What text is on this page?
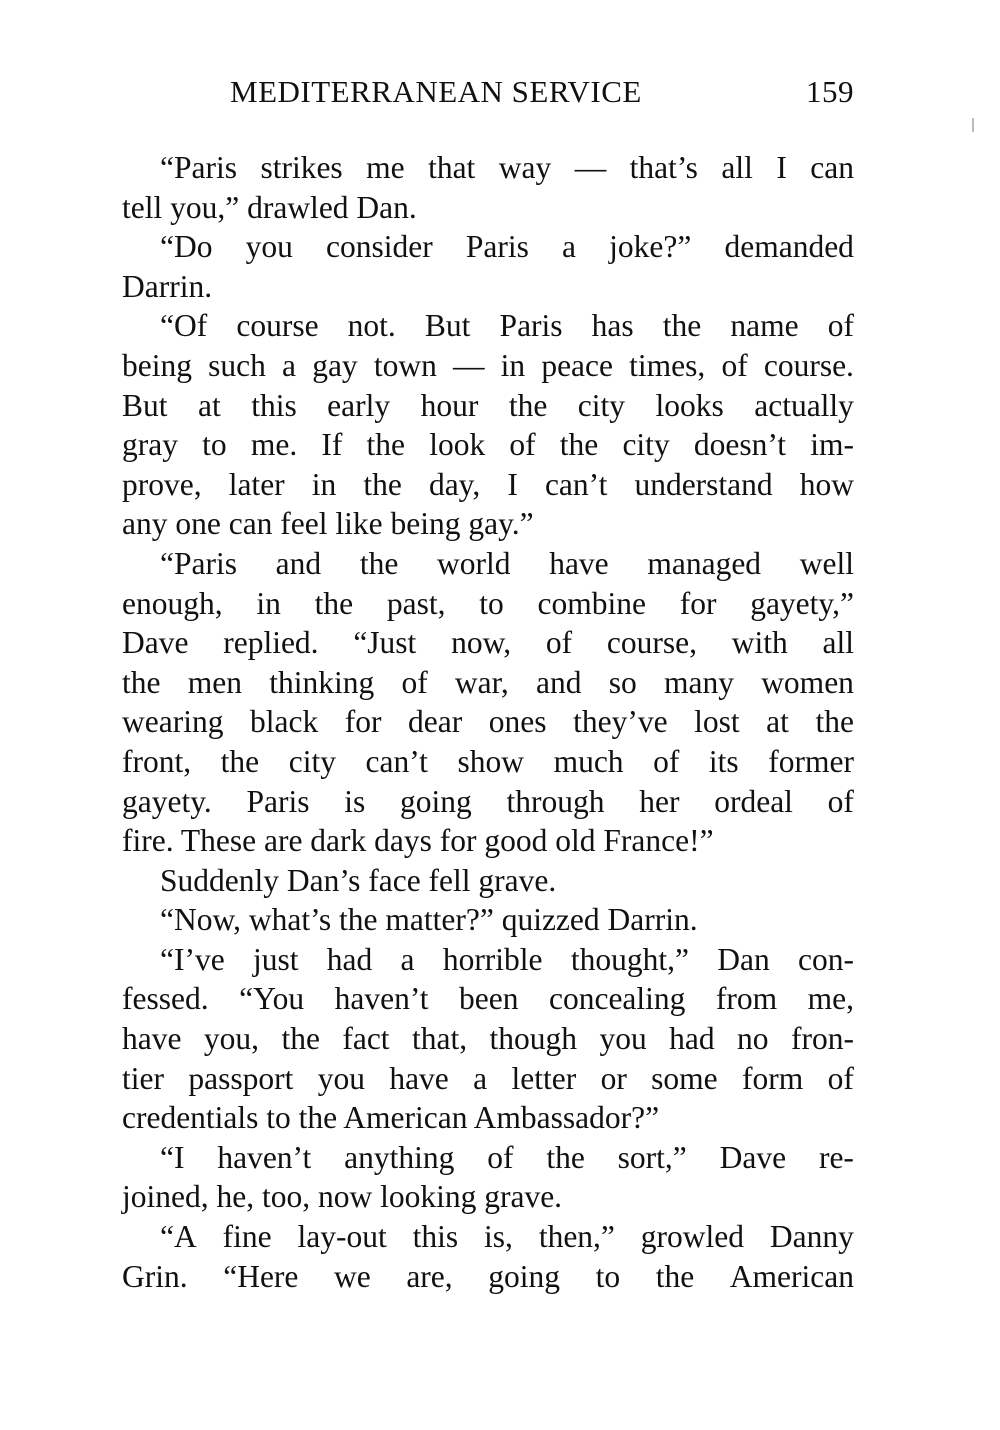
MEDITERRANEAN SERVICE	159
“Paris strikes me that way — that’s all I can
tell you,” drawled Dan.
“Do you consider Paris a joke?” demanded
Darrin.
“Of course not. But Paris has the name of
being such a gay town — in peace times, of course.
But at this early hour the city looks actually
gray to me. If the look of the city doesn’t im-
prove, later in the day, I can’t understand how
any one can feel like being gay.”
“Paris and the world have managed well
enough, in the past, to combine for gayety,”
Dave replied. “Just now, of course, with all
the men thinking of war, and so many women
wearing black for dear ones they’ve lost at the
front, the city can’t show much of its former
gayety. Paris is going through her ordeal of
fire. These are dark days for good old France!”
Suddenly Dan’s face fell grave.
“Now, what’s the matter?” quizzed Darrin.
“I’ve just had a horrible thought,” Dan con-
fessed. “You haven’t been concealing from me,
have you, the fact that, though you had no fron-
tier passport you have a letter or some form of
credentials to the American Ambassador?”
“I haven’t anything of the sort,” Dave re-
joined, he, too, now looking grave.
“A fine lay-out this is, then,” growled Danny
Grin. “Here we are, going to the American
